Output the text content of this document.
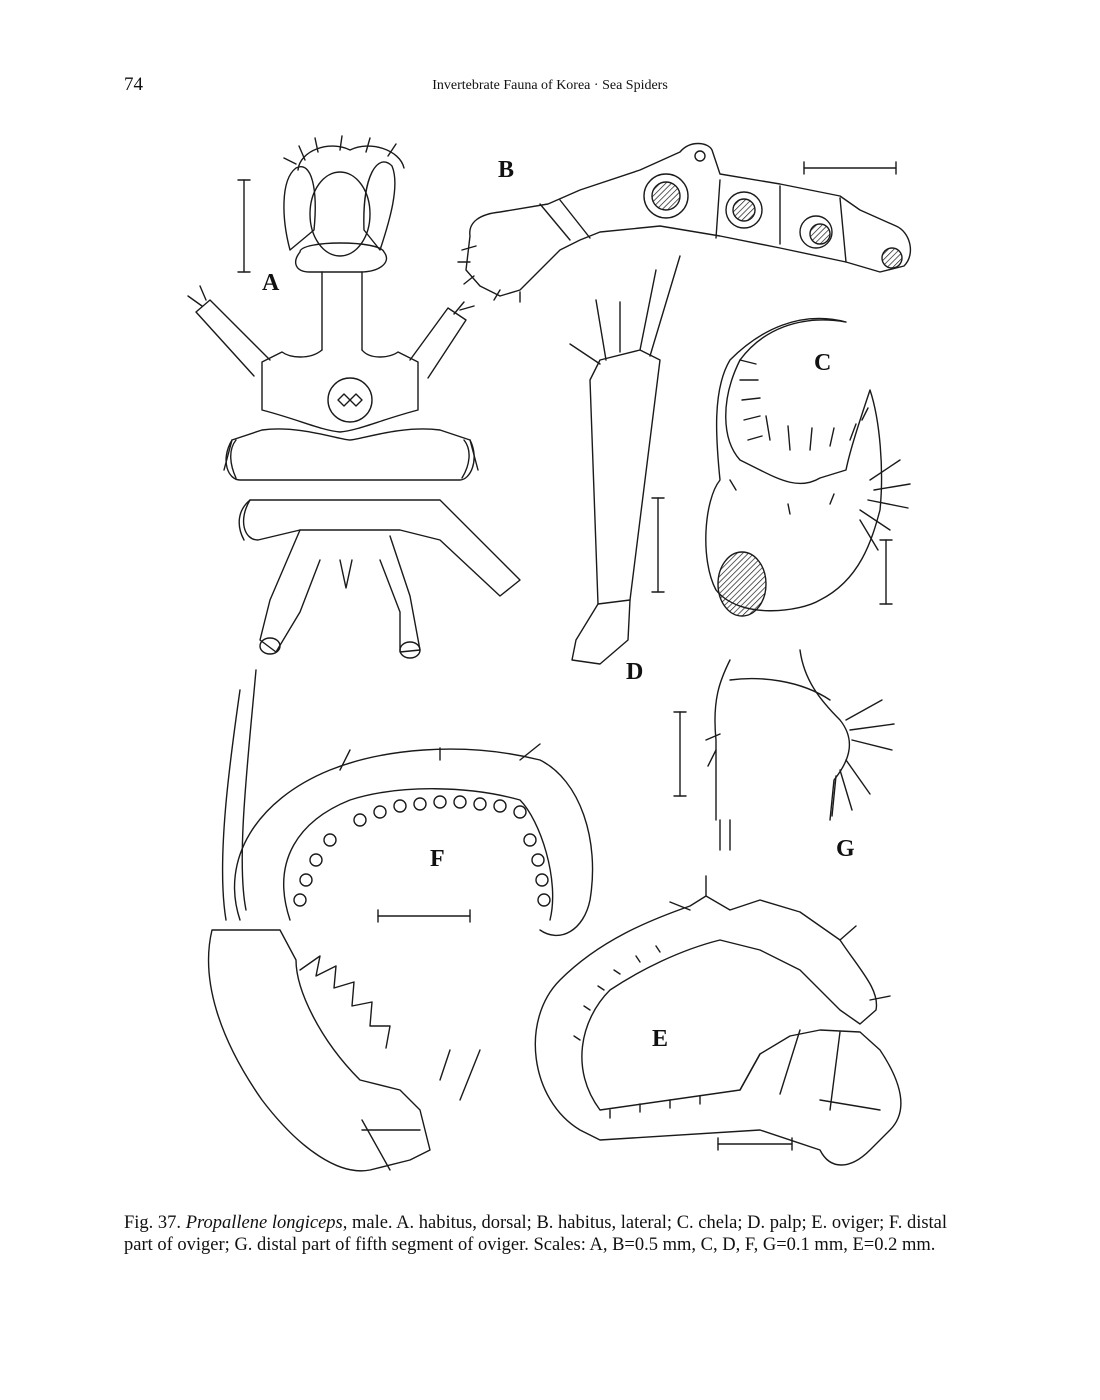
74	Invertebrate Fauna of Korea · Sea Spiders
A
B
C
D
E
F	G
Fig. 37. Propallene longiceps, male. A. habitus, dorsal; B. habitus, lateral; C. chela; D. palp; E. oviger; F. distal part of oviger; G. distal part of fifth segment of oviger. Scales: A, B=0.5 mm, C, D, F, G=0.1 mm, E=0.2 mm.
